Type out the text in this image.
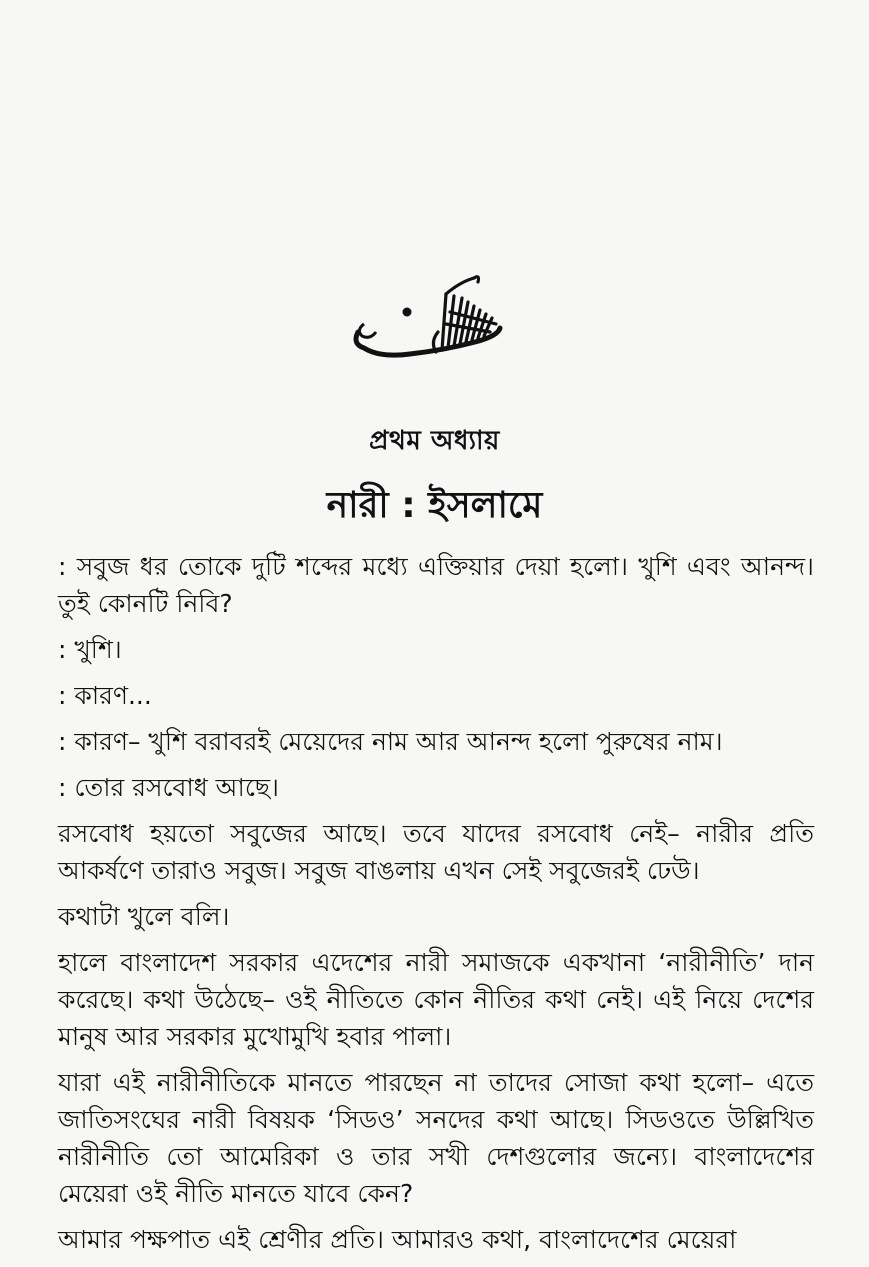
প্রথম অধ্যায়
নারী : ইসলামে

: সবুজ ধর তোকে দুটি শব্দের মধ্যে এক্তিয়ার দেয়া হলো। খুশি এবং আনন্দ। তুই কোনটি নিবি?

: খুশি।

: কারণ...

: কারণ– খুশি বরাবরই মেয়েদের নাম আর আনন্দ হলো পুরুষের নাম।

: তোর রসবোধ আছে।

রসবোধ হয়তো সবুজের আছে। তবে যাদের রসবোধ নেই– নারীর প্রতি আকর্ষণে তারাও সবুজ। সবুজ বাঙলায় এখন সেই সবুজেরই ঢেউ।

কথাটা খুলে বলি।

হালে বাংলাদেশ সরকার এদেশের নারী সমাজকে একখানা ‘নারীনীতি’ দান করেছে। কথা উঠেছে– ওই নীতিতে কোন নীতির কথা নেই। এই নিয়ে দেশের মানুষ আর সরকার মুখোমুখি হবার পালা।

যারা এই নারীনীতিকে মানতে পারছেন না তাদের সোজা কথা হলো– এতে জাতিসংঘের নারী বিষয়ক ‘সিডও’ সনদের কথা আছে। সিডওতে উল্লিখিত নারীনীতি তো আমেরিকা ও তার সখী দেশগুলোর জন্যে। বাংলাদেশের মেয়েরা ওই নীতি মানতে যাবে কেন?

আমার পক্ষপাত এই শ্রেণীর প্রতি। আমারও কথা, বাংলাদেশের মেয়েরা
